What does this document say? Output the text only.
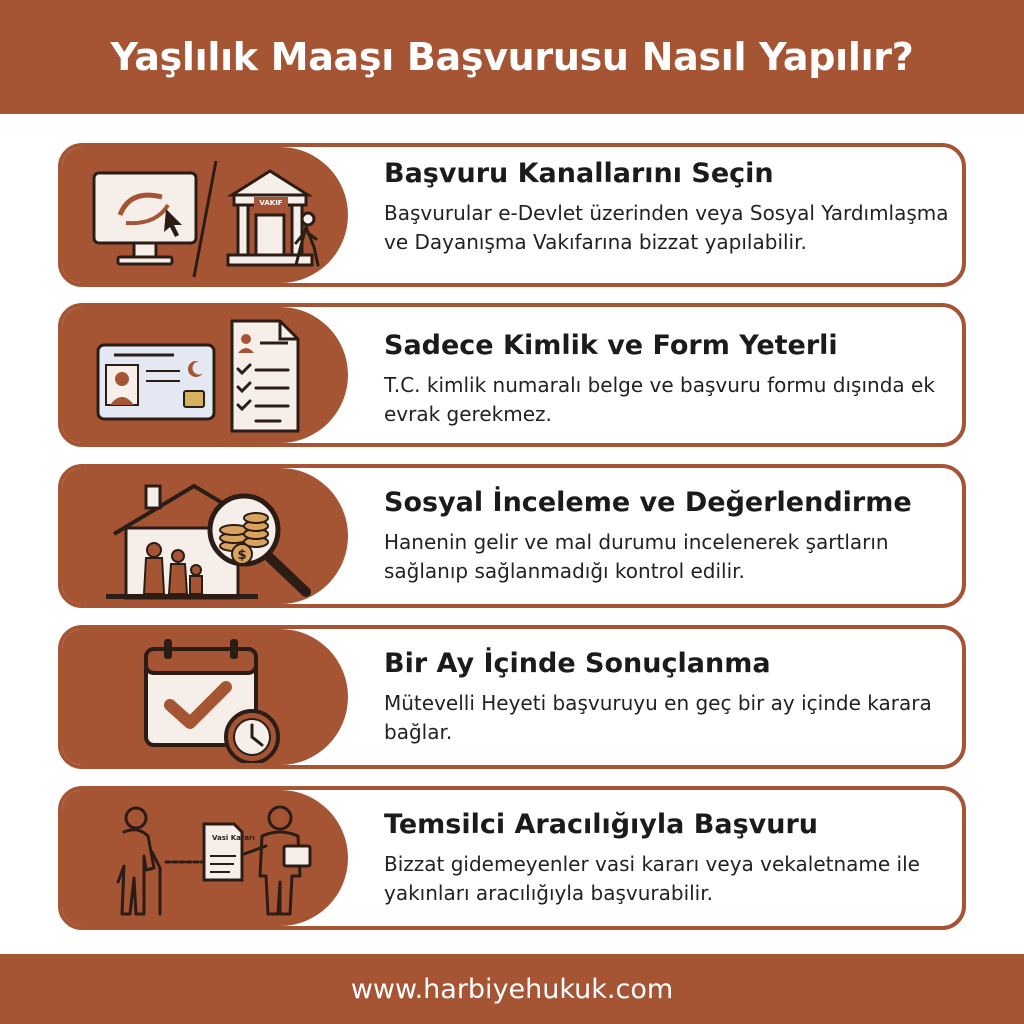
Yaşlılık Maaşı Başvurusu Nasıl Yapılır?
VAKIF
Başvuru Kanallarını Seçin

Başvurular e-Devlet üzerinden veya Sosyal Yardımlaşma ve Dayanışma Vakıfarına bizzat yapılabilir.

Sadece Kimlik ve Form Yeterli

T.C. kimlik numaralı belge ve başvuru formu dışında ek evrak gerekmez.

$
Sosyal İnceleme ve Değerlendirme

Hanenin gelir ve mal durumu incelenerek şartların sağlanıp sağlanmadığı kontrol edilir.

Bir Ay İçinde Sonuçlanma

Mütevelli Heyeti başvuruyu en geç bir ay içinde karara bağlar.

Vasi Kararı	Temsilci Aracılığıyla Başvuru

Bizzat gidemeyenler vasi kararı veya vekaletname ile yakınları aracılığıyla başvurabilir.

www.harbiyehukuk.com
